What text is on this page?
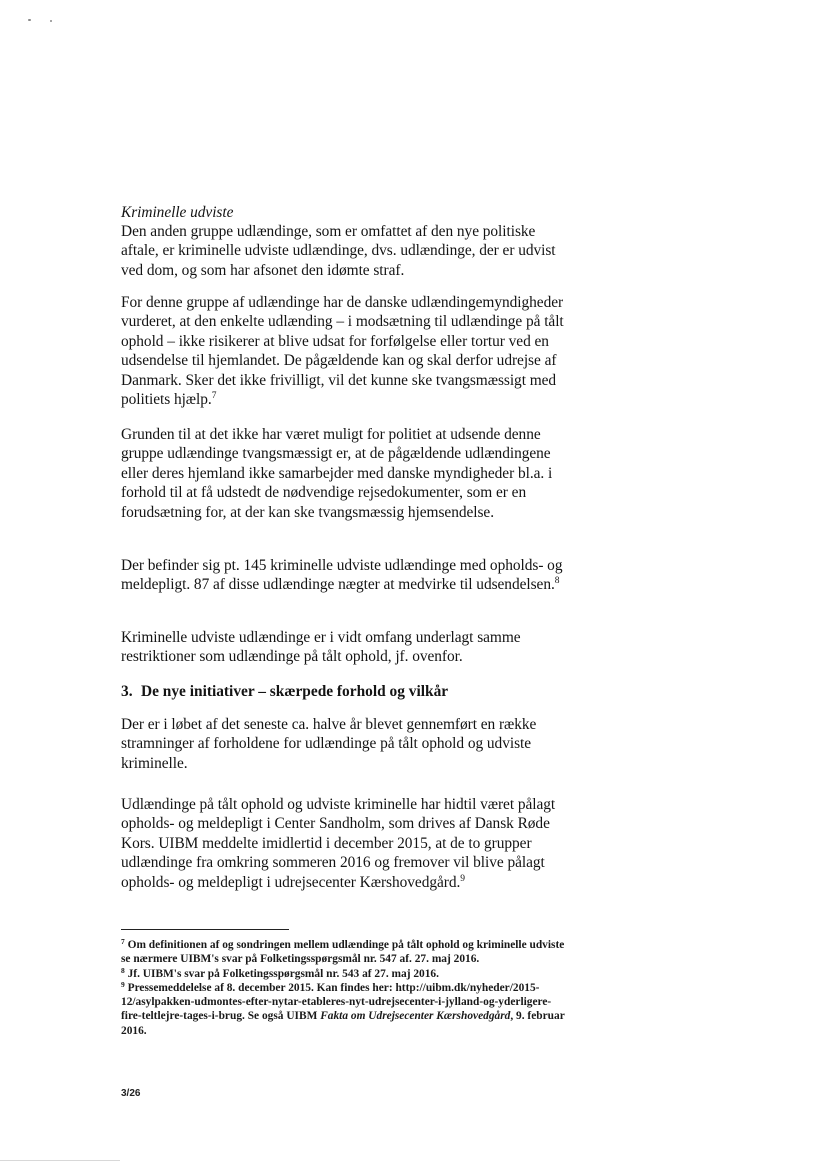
Kriminelle udviste

Den anden gruppe udlændinge, som er omfattet af den nye politiske aftale, er kriminelle udviste udlændinge, dvs. udlændinge, der er udvist ved dom, og som har afsonet den idømte straf.

For denne gruppe af udlændinge har de danske udlændingemyndigheder vurderet, at den enkelte udlænding – i modsætning til udlændinge på tålt ophold – ikke risikerer at blive udsat for forfølgelse eller tortur ved en udsendelse til hjemlandet. De pågældende kan og skal derfor udrejse af Danmark. Sker det ikke frivilligt, vil det kunne ske tvangsmæssigt med politiets hjælp.$^7$

Grunden til at det ikke har været muligt for politiet at udsende denne gruppe udlændinge tvangsmæssigt er, at de pågældende udlændingene eller deres hjemland ikke samarbejder med danske myndigheder bl.a. i forhold til at få udstedt de nødvendige rejsedokumenter, som er en forudsætning for, at der kan ske tvangsmæssig hjemsendelse.

Der befinder sig pt. 145 kriminelle udviste udlændinge med opholds- og meldepligt. 87 af disse udlændinge nægter at medvirke til udsendelsen.$^8$

Kriminelle udviste udlændinge er i vidt omfang underlagt samme restriktioner som udlændinge på tålt ophold, jf. ovenfor.

3. De nye initiativer – skærpede forhold og vilkår

Der er i løbet af det seneste ca. halve år blevet gennemført en række stramninger af forholdene for udlændinge på tålt ophold og udviste kriminelle.

Udlændinge på tålt ophold og udviste kriminelle har hidtil været pålagt opholds- og meldepligt i Center Sandholm, som drives af Dansk Røde Kors. UIBM meddelte imidlertid i december 2015, at de to grupper udlændinge fra omkring sommeren 2016 og fremover vil blive pålagt opholds- og meldepligt i udrejsecenter Kærshovedgård.$^9$

$^7$ Om definitionen af og sondringen mellem udlændinge på tålt ophold og kriminelle udviste se nærmere UIBM's svar på Folketingsspørgsmål nr. 547 af. 27. maj 2016.

$^8$ Jf. UIBM's svar på Folketingsspørgsmål nr. 543 af 27. maj 2016.

$^9$ Pressemeddelelse af 8. december 2015. Kan findes her: http://uibm.dk/nyheder/2015-12/asylpakken-udmontes-efter-nytar-etableres-nyt-udrejsecenter-i-jylland-og-yderligere-fire-teltlejre-tages-i-brug. Se også UIBM Fakta om Udrejsecenter Kærshovedgård, 9. februar 2016.

3/26
